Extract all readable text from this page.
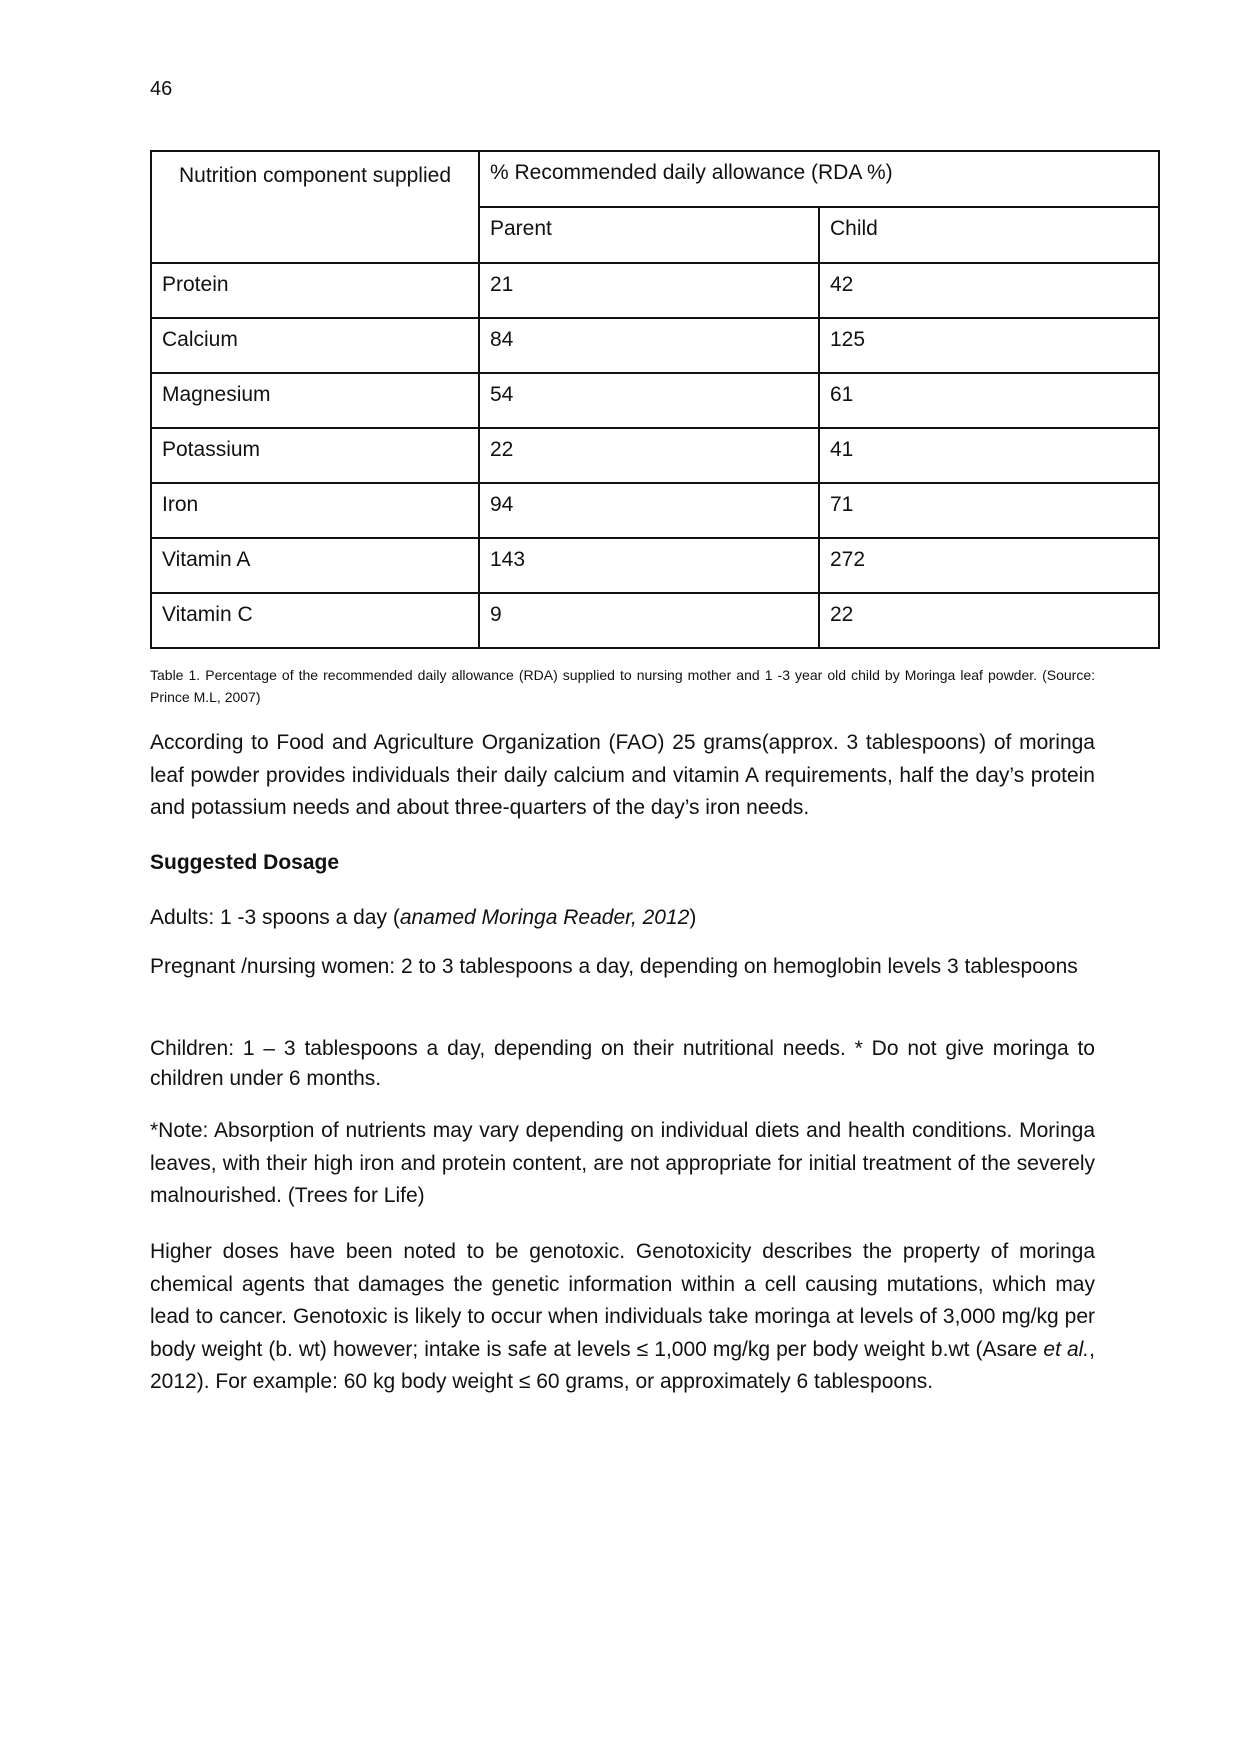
46
Nutrition component supplied	% Recommended daily allowance (RDA %)	
	Parent	Child
Protein	21	42
Calcium	84	125
Magnesium	54	61
Potassium	22	41
Iron	94	71
Vitamin A	143	272
Vitamin C	9	22
Table 1. Percentage of the recommended daily allowance (RDA) supplied to nursing mother and 1 -3 year old child by Moringa leaf powder. (Source: Prince M.L, 2007)
According to Food and Agriculture Organization (FAO) 25 grams(approx. 3 tablespoons) of moringa leaf powder provides individuals their daily calcium and vitamin A requirements, half the day’s protein and potassium needs and about three-quarters of the day’s iron needs.
Suggested Dosage
Adults: 1 -3 spoons a day (anamed Moringa Reader, 2012)
Pregnant /nursing women: 2 to 3 tablespoons a day, depending on hemoglobin levels 3 tablespoons
Children: 1 – 3 tablespoons a day, depending on their nutritional needs. * Do not give moringa to children under 6 months.
*Note: Absorption of nutrients may vary depending on individual diets and health conditions. Moringa leaves, with their high iron and protein content, are not appropriate for initial treatment of the severely malnourished. (Trees for Life)
Higher doses have been noted to be genotoxic. Genotoxicity describes the property of moringa chemical agents that damages the genetic information within a cell causing mutations, which may lead to cancer. Genotoxic is likely to occur when individuals take moringa at levels of 3,000 mg/kg per body weight (b. wt) however; intake is safe at levels ≤ 1,000 mg/kg per body weight b.wt (Asare et al., 2012). For example: 60 kg body weight ≤ 60 grams, or approximately 6 tablespoons.
